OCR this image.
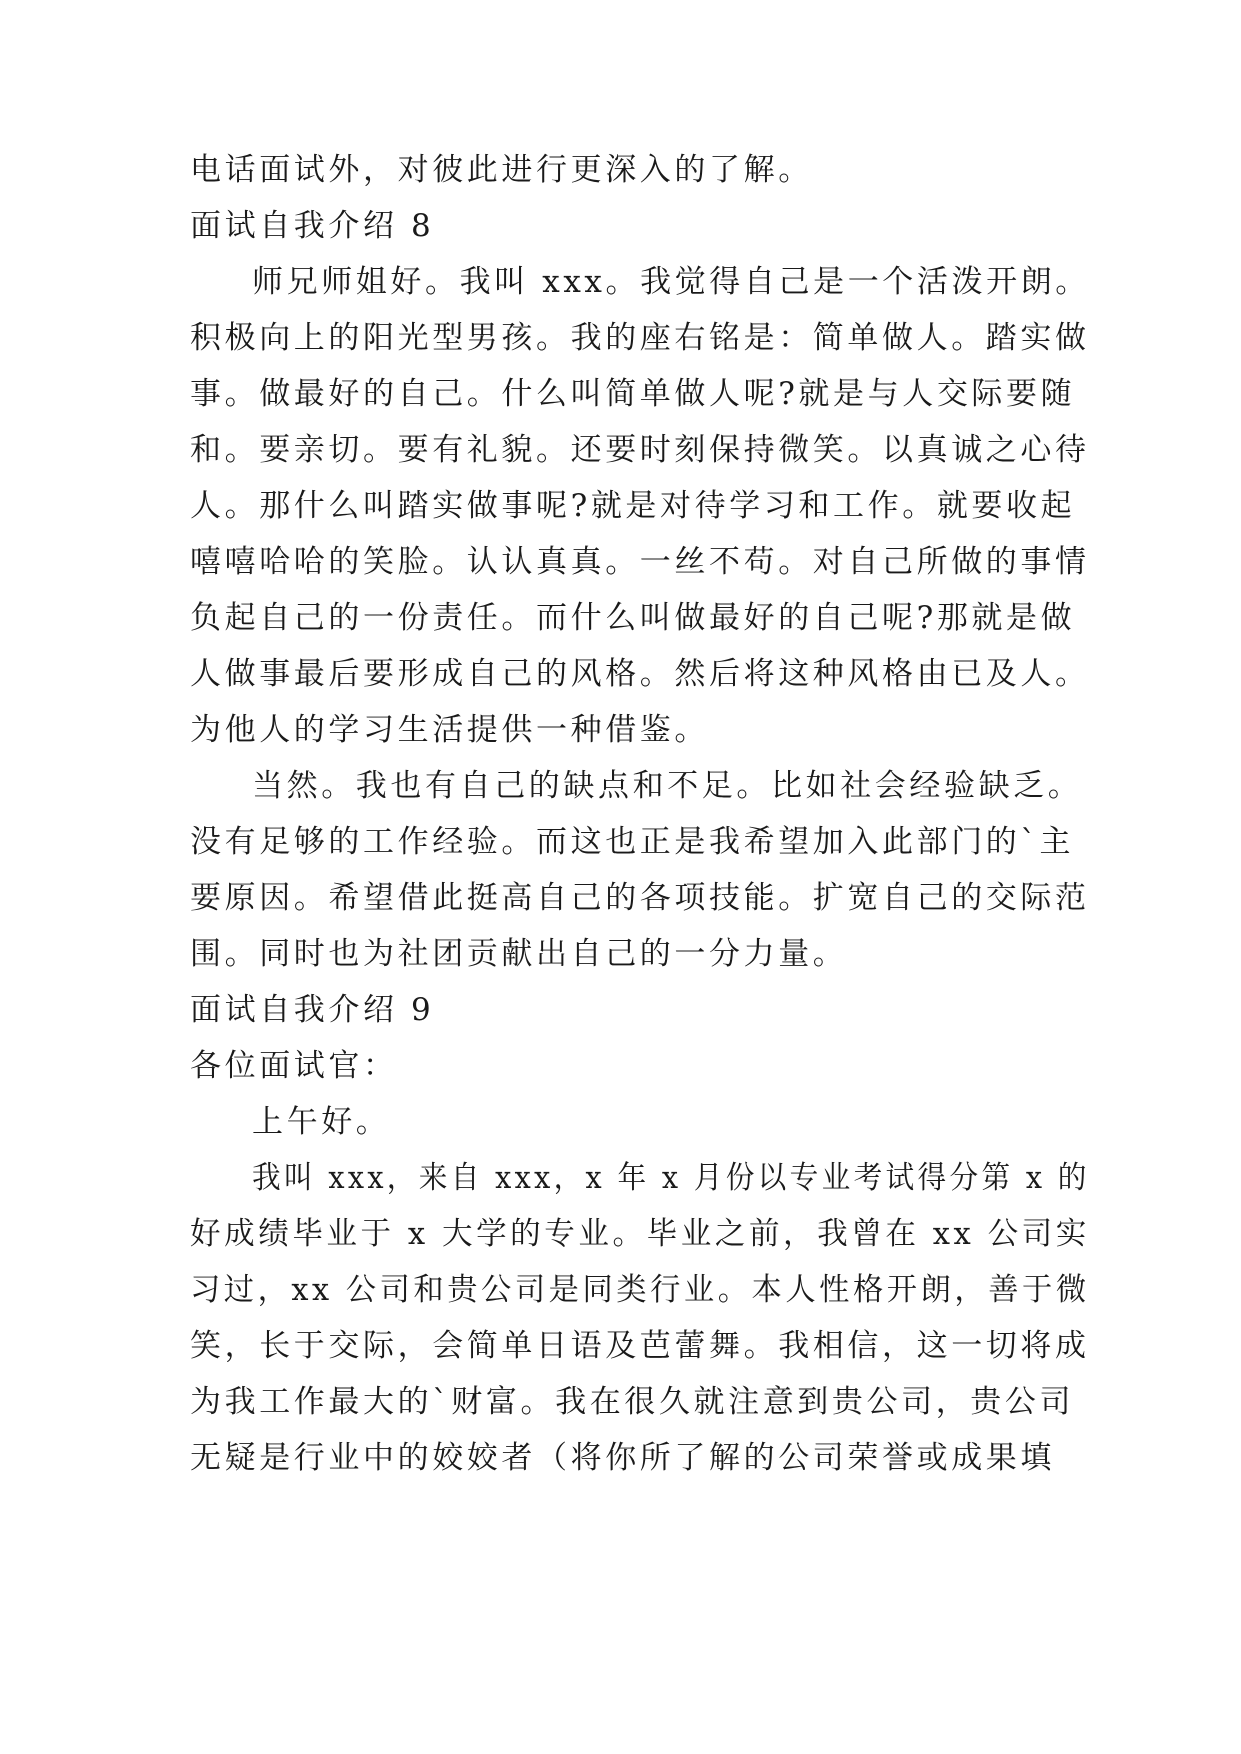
电话面试外，对彼此进行更深入的了解。
面试自我介绍 8
师兄师姐好。我叫 xxx。我觉得自己是一个活泼开朗。
积极向上的阳光型男孩。我的座右铭是：简单做人。踏实做
事。做最好的自己。什么叫简单做人呢?就是与人交际要随
和。要亲切。要有礼貌。还要时刻保持微笑。以真诚之心待
人。那什么叫踏实做事呢?就是对待学习和工作。就要收起
嘻嘻哈哈的笑脸。认认真真。一丝不苟。对自己所做的事情
负起自己的一份责任。而什么叫做最好的自己呢?那就是做
人做事最后要形成自己的风格。然后将这种风格由已及人。
为他人的学习生活提供一种借鉴。
当然。我也有自己的缺点和不足。比如社会经验缺乏。
没有足够的工作经验。而这也正是我希望加入此部门的`主
要原因。希望借此挺高自己的各项技能。扩宽自己的交际范
围。同时也为社团贡献出自己的一分力量。
面试自我介绍 9
各位面试官：
上午好。
我叫 xxx，来自 xxx，x 年 x 月份以专业考试得分第 x 的
好成绩毕业于 x 大学的专业。毕业之前，我曾在 xx 公司实
习过，xx 公司和贵公司是同类行业。本人性格开朗，善于微
笑，长于交际，会简单日语及芭蕾舞。我相信，这一切将成
为我工作最大的`财富。我在很久就注意到贵公司，贵公司
无疑是行业中的姣姣者（将你所了解的公司荣誉或成果填
